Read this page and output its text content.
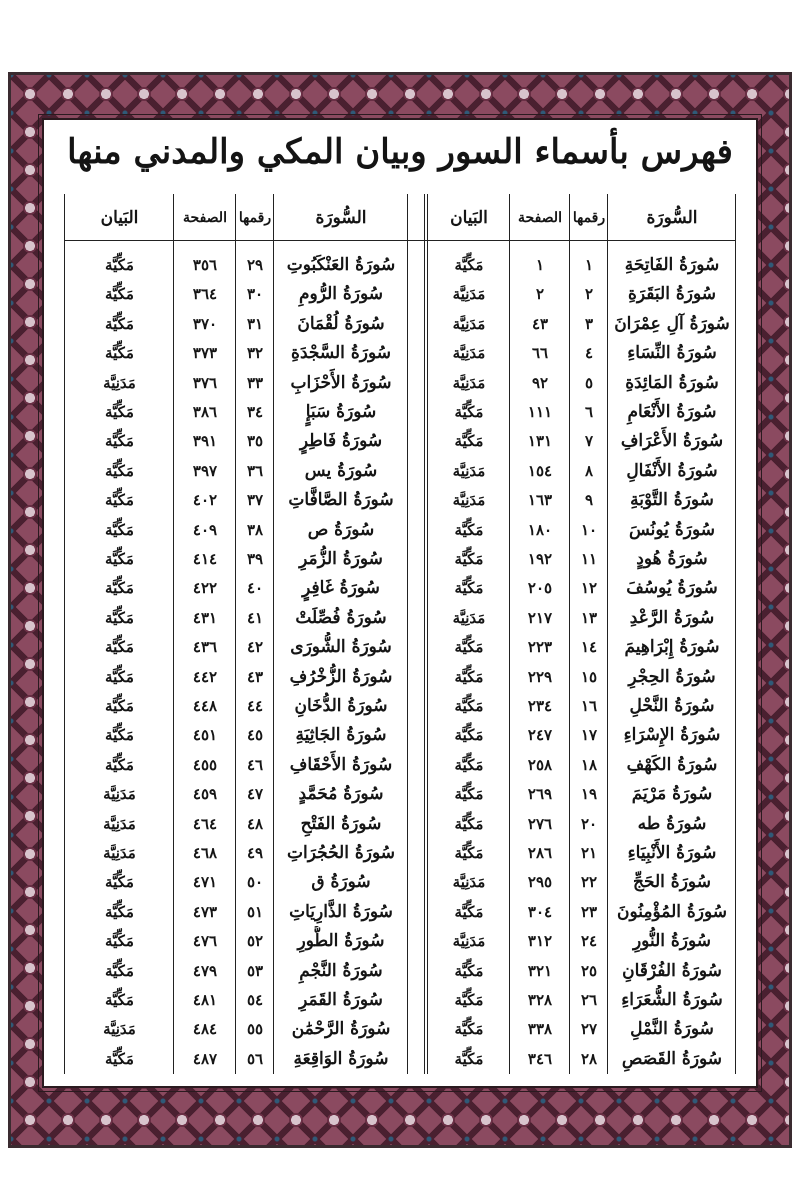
فهرس بأسماء السور وبيان المكي والمدني منها
السُّورَة
رقمها
الصفحة
البَيان
السُّورَة
رقمها
الصفحة
البَيان
سُورَةُ الفَاتِحَةِ
١
١
مَكِّيَّة
سُورَةُ البَقَرَةِ
٢
٢
مَدَنِيَّة
سُورَةُ آلِ عِمْرَانَ
٣
٤٣
مَدَنِيَّة
سُورَةُ النِّسَاءِ
٤
٦٦
مَدَنِيَّة
سُورَةُ المَائِدَةِ
٥
٩٢
مَدَنِيَّة
سُورَةُ الأَنْعَامِ
٦
١١١
مَكِّيَّة
سُورَةُ الأَعْرَافِ
٧
١٣١
مَكِّيَّة
سُورَةُ الأَنْفَالِ
٨
١٥٤
مَدَنِيَّة
سُورَةُ التَّوْبَةِ
٩
١٦٣
مَدَنِيَّة
سُورَةُ يُونُسَ
١٠
١٨٠
مَكِّيَّة
سُورَةُ هُودٍ
١١
١٩٢
مَكِّيَّة
سُورَةُ يُوسُفَ
١٢
٢٠٥
مَكِّيَّة
سُورَةُ الرَّعْدِ
١٣
٢١٧
مَدَنِيَّة
سُورَةُ إِبْرَاهِيمَ
١٤
٢٢٣
مَكِّيَّة
سُورَةُ الحِجْرِ
١٥
٢٢٩
مَكِّيَّة
سُورَةُ النَّحْلِ
١٦
٢٣٤
مَكِّيَّة
سُورَةُ الإِسْرَاءِ
١٧
٢٤٧
مَكِّيَّة
سُورَةُ الكَهْفِ
١٨
٢٥٨
مَكِّيَّة
سُورَةُ مَرْيَمَ
١٩
٢٦٩
مَكِّيَّة
سُورَةُ طه
٢٠
٢٧٦
مَكِّيَّة
سُورَةُ الأَنْبِيَاءِ
٢١
٢٨٦
مَكِّيَّة
سُورَةُ الحَجِّ
٢٢
٢٩٥
مَدَنِيَّة
سُورَةُ المُؤْمِنُونَ
٢٣
٣٠٤
مَكِّيَّة
سُورَةُ النُّورِ
٢٤
٣١٢
مَدَنِيَّة
سُورَةُ الفُرْقَانِ
٢٥
٣٢١
مَكِّيَّة
سُورَةُ الشُّعَرَاءِ
٢٦
٣٢٨
مَكِّيَّة
سُورَةُ النَّمْلِ
٢٧
٣٣٨
مَكِّيَّة
سُورَةُ القَصَصِ
٢٨
٣٤٦
مَكِّيَّة
سُورَةُ العَنْكَبُوتِ
٢٩
٣٥٦
مَكِّيَّة
سُورَةُ الرُّومِ
٣٠
٣٦٤
مَكِّيَّة
سُورَةُ لُقْمَانَ
٣١
٣٧٠
مَكِّيَّة
سُورَةُ السَّجْدَةِ
٣٢
٣٧٣
مَكِّيَّة
سُورَةُ الأَحْزَابِ
٣٣
٣٧٦
مَدَنِيَّة
سُورَةُ سَبَإٍ
٣٤
٣٨٦
مَكِّيَّة
سُورَةُ فَاطِرٍ
٣٥
٣٩١
مَكِّيَّة
سُورَةُ يس
٣٦
٣٩٧
مَكِّيَّة
سُورَةُ الصَّافَّاتِ
٣٧
٤٠٢
مَكِّيَّة
سُورَةُ ص
٣٨
٤٠٩
مَكِّيَّة
سُورَةُ الزُّمَرِ
٣٩
٤١٤
مَكِّيَّة
سُورَةُ غَافِرٍ
٤٠
٤٢٢
مَكِّيَّة
سُورَةُ فُصِّلَتْ
٤١
٤٣١
مَكِّيَّة
سُورَةُ الشُّورَى
٤٢
٤٣٦
مَكِّيَّة
سُورَةُ الزُّخْرُفِ
٤٣
٤٤٢
مَكِّيَّة
سُورَةُ الدُّخَانِ
٤٤
٤٤٨
مَكِّيَّة
سُورَةُ الجَاثِيَةِ
٤٥
٤٥١
مَكِّيَّة
سُورَةُ الأَحْقَافِ
٤٦
٤٥٥
مَكِّيَّة
سُورَةُ مُحَمَّدٍ
٤٧
٤٥٩
مَدَنِيَّة
سُورَةُ الفَتْحِ
٤٨
٤٦٤
مَدَنِيَّة
سُورَةُ الحُجُرَاتِ
٤٩
٤٦٨
مَدَنِيَّة
سُورَةُ ق
٥٠
٤٧١
مَكِّيَّة
سُورَةُ الذَّارِيَاتِ
٥١
٤٧٣
مَكِّيَّة
سُورَةُ الطُّورِ
٥٢
٤٧٦
مَكِّيَّة
سُورَةُ النَّجْمِ
٥٣
٤٧٩
مَكِّيَّة
سُورَةُ القَمَرِ
٥٤
٤٨١
مَكِّيَّة
سُورَةُ الرَّحْمَٰن
٥٥
٤٨٤
مَدَنِيَّة
سُورَةُ الوَاقِعَةِ
٥٦
٤٨٧
مَكِّيَّة
